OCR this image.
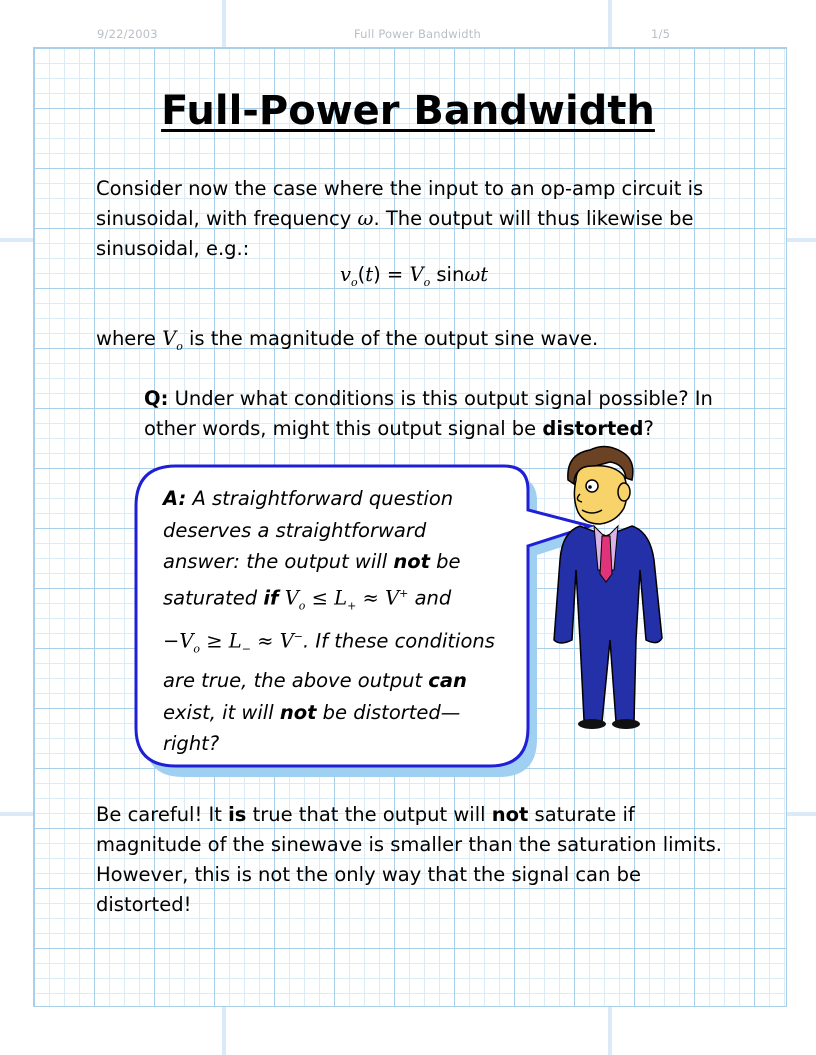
9/22/2003	Full Power Bandwidth	1/5
Full-Power Bandwidth
Consider now the case where the input to an op-amp circuit is
sinusoidal, with frequency ω. The output will thus likewise be
sinusoidal, e.g.:
$v_o(t) = V_o$ sinωt
where $V_o$ is the magnitude of the output sine wave.
Q: Under what conditions is this output signal possible? In
other words, might this output signal be distorted?
A: A straightforward question
deserves a straightforward
answer: the output will not be
saturated if $V_o \le L_+ \approx V^+$ and
$-V_o \ge L_- \approx V^-$. If these conditions
are true, the above output can
exist, it will not be distorted—
right?
Be careful! It is true that the output will not saturate if
magnitude of the sinewave is smaller than the saturation limits.
However, this is not the only way that the signal can be
distorted!
